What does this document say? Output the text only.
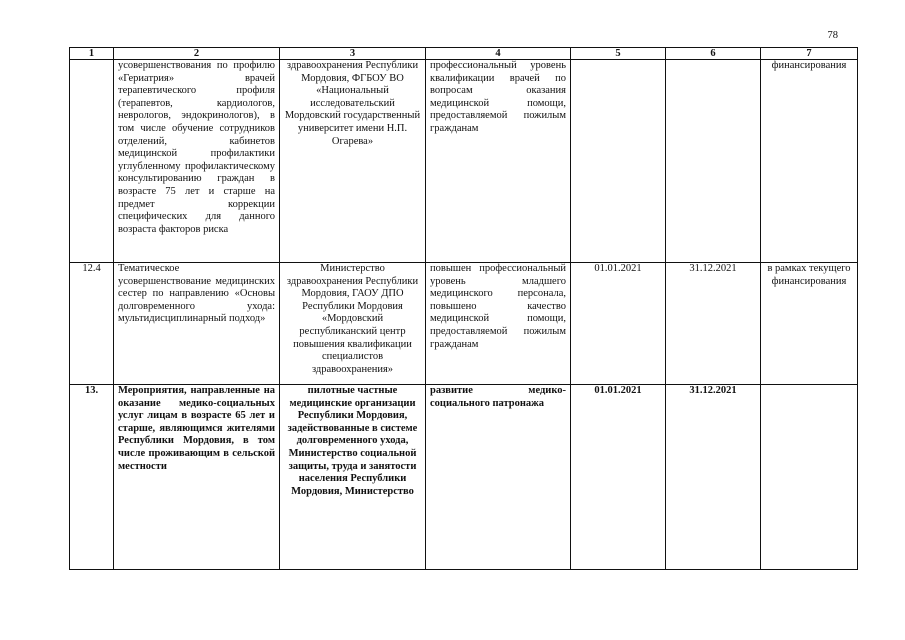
78
1	2	3	4	5	6	7
	усовершенствования по профилю «Гериатрия» врачей терапевтического профиля (терапевтов, кардиологов, неврологов, эндокринологов), в том числе обучение сотрудников отделений, кабинетов медицинской профилактики углубленному профилактическому консультированию граждан в возрасте 75 лет и старше на предмет коррекции специфических для данного возраста факторов риска	здравоохранения Республики Мордовия, ФГБОУ ВО «Национальный исследовательский Мордовский государственный университет имени Н.П. Огарева»	профессиональный уровень квалификации врачей по вопросам оказания медицинской помощи, предоставляемой пожилым гражданам			финансирования
12.4	Тематическое усовершенствование медицинских сестер по направлению «Основы долговременного ухода: мультидисциплинарный подход»	Министерство здравоохранения Республики Мордовия, ГАОУ ДПО Республики Мордовия «Мордовский республиканский центр повышения квалификации специалистов здравоохранения»	повышен профессиональный уровень младшего медицинского персонала, повышено качество медицинской помощи, предоставляемой пожилым гражданам	01.01.2021	31.12.2021	в рамках текущего финансирования
13.	Мероприятия, направленные на оказание медико-социальных услуг лицам в возрасте 65 лет и старше, являющимся жителями Республики Мордовия, в том числе проживающим в сельской местности	пилотные частные медицинские организации Республики Мордовия, задействованные в системе долговременного ухода, Министерство социальной защиты, труда и занятости населения Республики Мордовия, Министерство	развитие медико-социального патронажа	01.01.2021	31.12.2021	
